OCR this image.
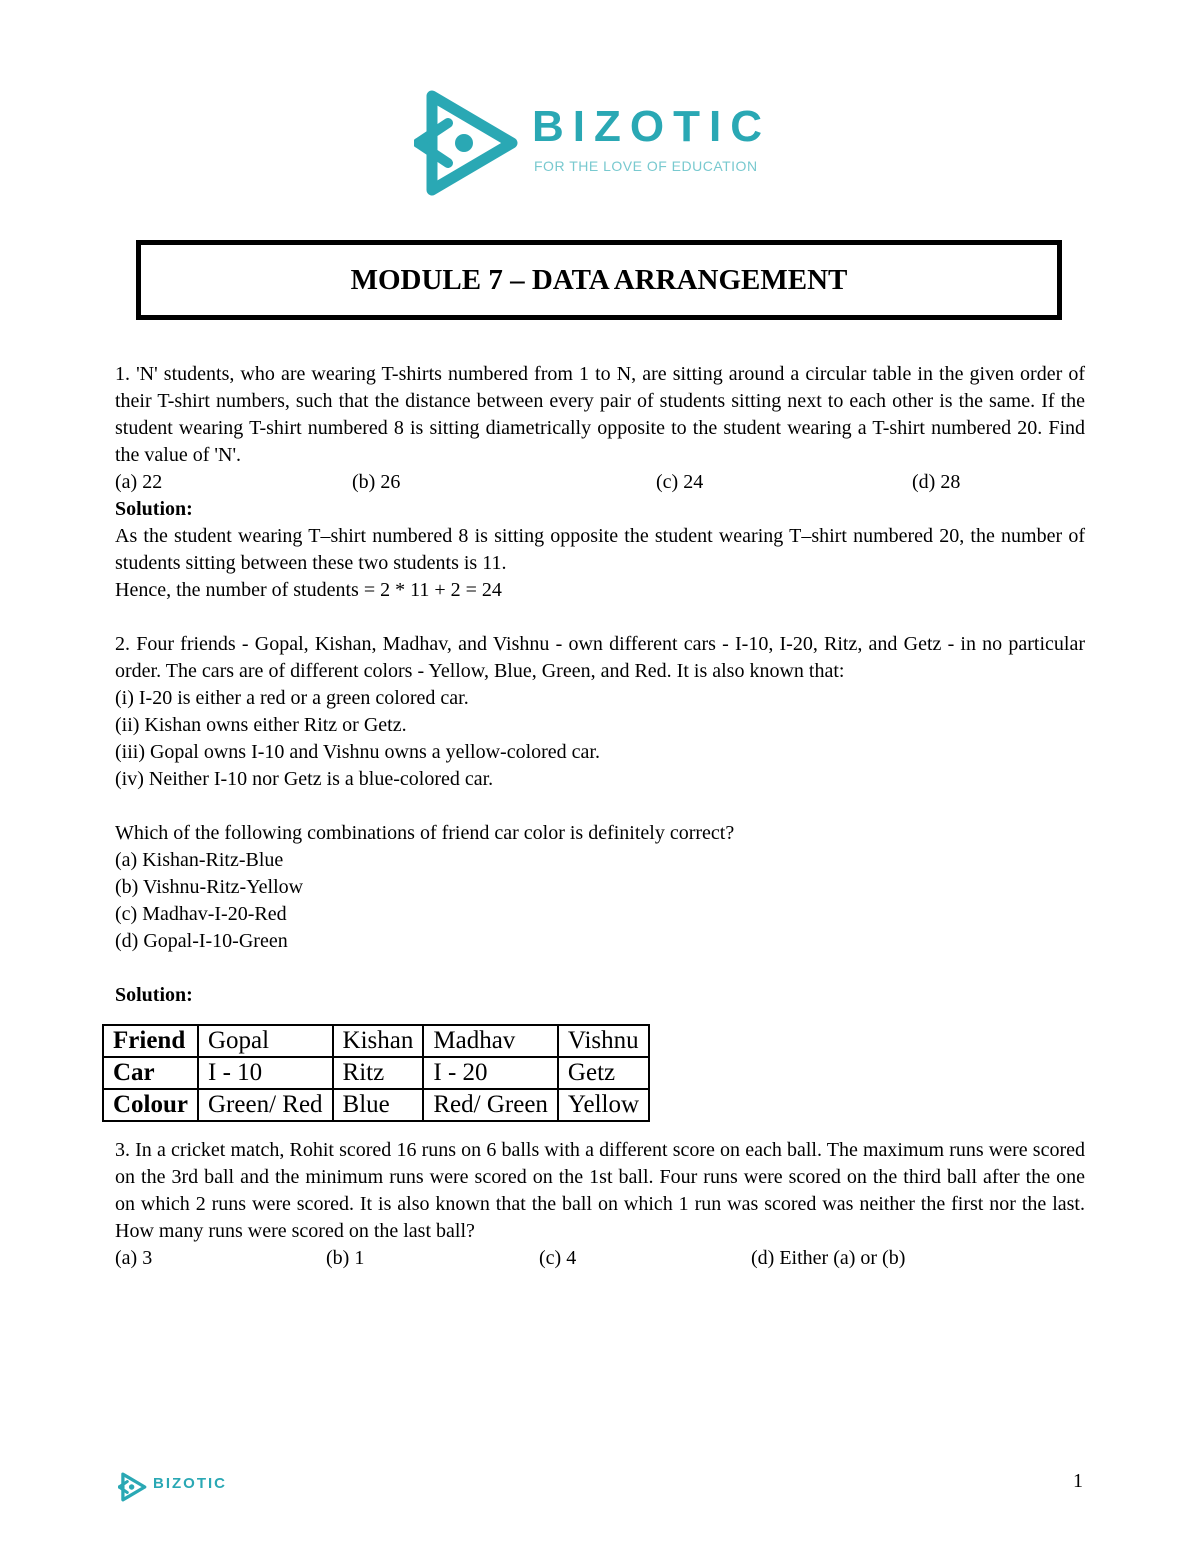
BIZOTIC
FOR THE LOVE OF EDUCATION
MODULE 7 – DATA ARRANGEMENT

1. 'N' students, who are wearing T-shirts numbered from 1 to N, are sitting around a circular table in the given order of their T-shirt numbers, such that the distance between every pair of students sitting next to each other is the same. If the student wearing T-shirt numbered 8 is sitting diametrically opposite to the student wearing a T-shirt numbered 20. Find the value of 'N'.

(a) 22	(b) 26	(c) 24	(d) 28

Solution:

As the student wearing T–shirt numbered 8 is sitting opposite the student wearing T–shirt numbered 20, the number of students sitting between these two students is 11.

Hence, the number of students = 2 * 11 + 2 = 24

2. Four friends - Gopal, Kishan, Madhav, and Vishnu - own different cars - I-10, I-20, Ritz, and Getz - in no particular order. The cars are of different colors - Yellow, Blue, Green, and Red. It is also known that:

(i) I-20 is either a red or a green colored car.

(ii) Kishan owns either Ritz or Getz.

(iii) Gopal owns I-10 and Vishnu owns a yellow-colored car.

(iv) Neither I-10 nor Getz is a blue-colored car.

Which of the following combinations of friend car color is definitely correct?

(a) Kishan-Ritz-Blue

(b) Vishnu-Ritz-Yellow

(c) Madhav-I-20-Red

(d) Gopal-I-10-Green

Solution:

Friend	Gopal	Kishan	Madhav	Vishnu
Car	I - 10	Ritz	I - 20	Getz
Colour	Green/ Red	Blue	Red/ Green	Yellow

3. In a cricket match, Rohit scored 16 runs on 6 balls with a different score on each ball. The maximum runs were scored on the 3rd ball and the minimum runs were scored on the 1st ball. Four runs were scored on the third ball after the one on which 2 runs were scored. It is also known that the ball on which 1 run was scored was neither the first nor the last. How many runs were scored on the last ball?

(a) 3	(b) 1	(c) 4	(d) Either (a) or (b)
BIZOTIC	1
